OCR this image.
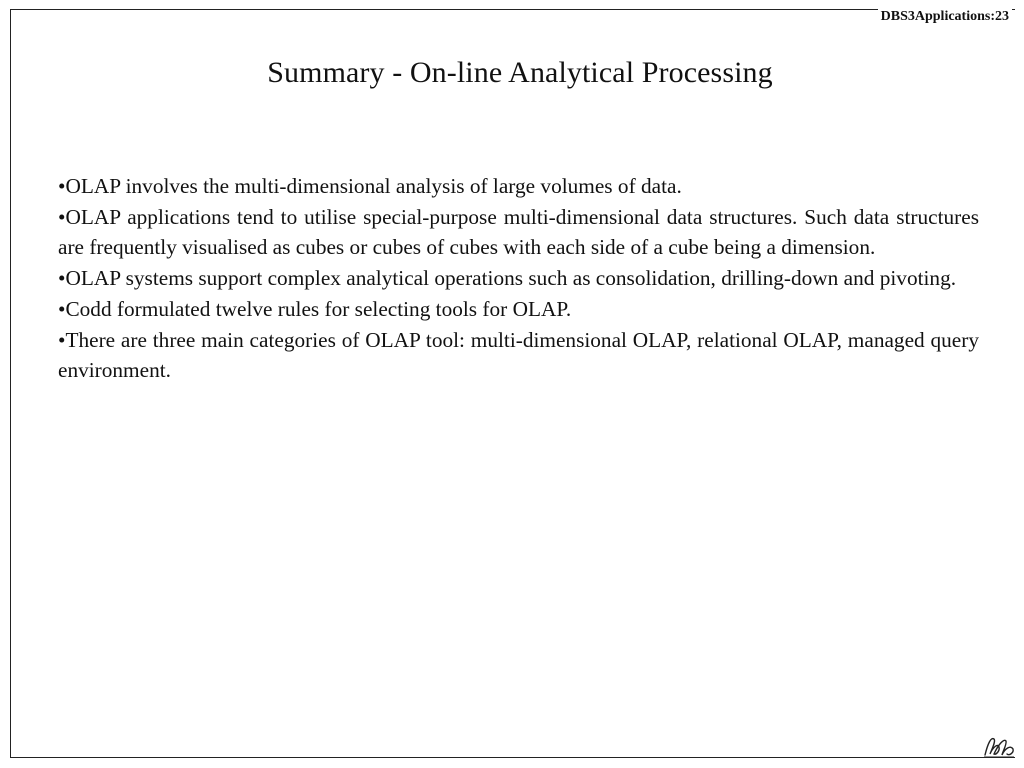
DBS3Applications:23
Summary - On-line Analytical Processing

•OLAP involves the multi-dimensional analysis of large volumes of data.

•OLAP applications tend to utilise special-purpose multi-dimensional data structures. Such data structures are frequently visualised as cubes or cubes of cubes with each side of a cube being a dimension.

•OLAP systems support complex analytical operations such as consolidation, drilling-down and pivoting.

•Codd formulated twelve rules for selecting tools for OLAP.

•There are three main categories of OLAP tool: multi-dimensional OLAP, relational OLAP, managed query environment.
